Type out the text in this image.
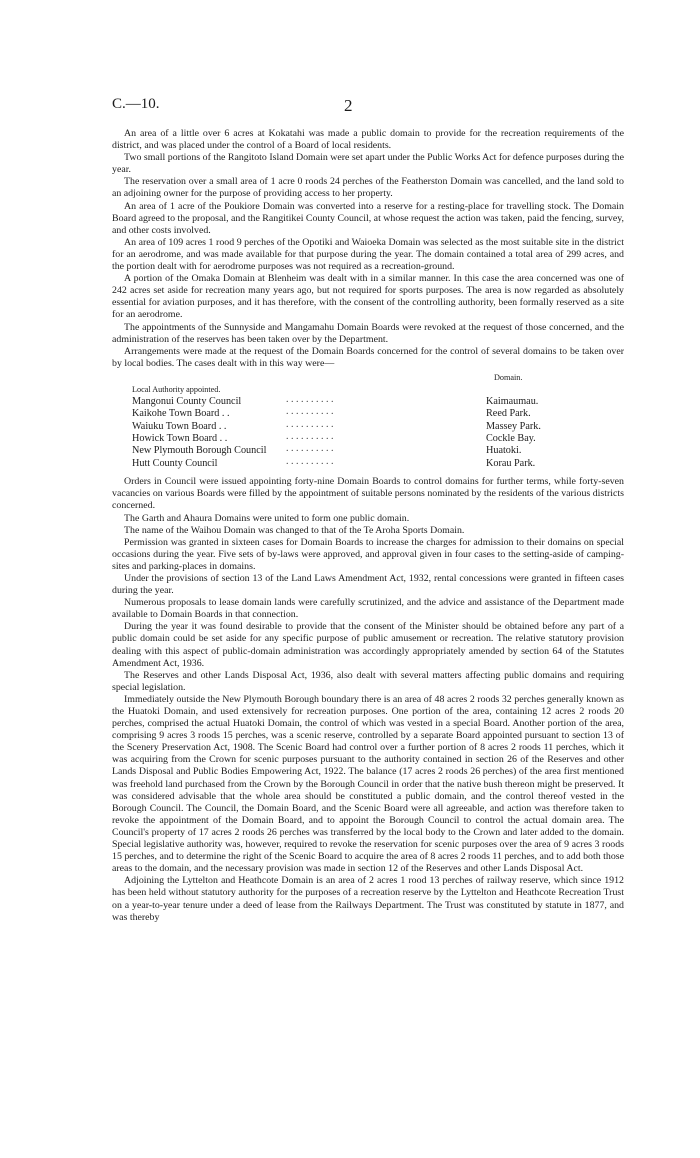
C.—10.	2

An area of a little over 6 acres at Kokatahi was made a public domain to provide for the recreation requirements of the district, and was placed under the control of a Board of local residents.

Two small portions of the Rangitoto Island Domain were set apart under the Public Works Act for defence purposes during the year.

The reservation over a small area of 1 acre 0 roods 24 perches of the Featherston Domain was cancelled, and the land sold to an adjoining owner for the purpose of providing access to her property.

An area of 1 acre of the Poukiore Domain was converted into a reserve for a resting-place for travelling stock. The Domain Board agreed to the proposal, and the Rangitikei County Council, at whose request the action was taken, paid the fencing, survey, and other costs involved.

An area of 109 acres 1 rood 9 perches of the Opotiki and Waioeka Domain was selected as the most suitable site in the district for an aerodrome, and was made available for that purpose during the year. The domain contained a total area of 299 acres, and the portion dealt with for aerodrome purposes was not required as a recreation-ground.

A portion of the Omaka Domain at Blenheim was dealt with in a similar manner. In this case the area concerned was one of 242 acres set aside for recreation many years ago, but not required for sports purposes. The area is now regarded as absolutely essential for aviation purposes, and it has therefore, with the consent of the controlling authority, been formally reserved as a site for an aerodrome.

The appointments of the Sunnyside and Mangamahu Domain Boards were revoked at the request of those concerned, and the administration of the reserves has been taken over by the Department.

Arrangements were made at the request of the Domain Boards concerned for the control of several domains to be taken over by local bodies. The cases dealt with in this way were—

Local Authority appointed.
Domain.
Mangonui County Council	. . . . . . . . . .	Kaimaumau.
Kaikohe Town Board . .	. . . . . . . . . .	Reed Park.
Waiuku Town Board . .	. . . . . . . . . .	Massey Park.
Howick Town Board . .	. . . . . . . . . .	Cockle Bay.
New Plymouth Borough Council . . . . . . . . . .	Huatoki.
Hutt County Council	. . . . . . . . . .	Korau Park.

Orders in Council were issued appointing forty-nine Domain Boards to control domains for further terms, while forty-seven vacancies on various Boards were filled by the appointment of suitable persons nominated by the residents of the various districts concerned.

The Garth and Ahaura Domains were united to form one public domain.

The name of the Waihou Domain was changed to that of the Te Aroha Sports Domain.

Permission was granted in sixteen cases for Domain Boards to increase the charges for admission to their domains on special occasions during the year. Five sets of by-laws were approved, and approval given in four cases to the setting-aside of camping-sites and parking-places in domains.

Under the provisions of section 13 of the Land Laws Amendment Act, 1932, rental concessions were granted in fifteen cases during the year.

Numerous proposals to lease domain lands were carefully scrutinized, and the advice and assistance of the Department made available to Domain Boards in that connection.

During the year it was found desirable to provide that the consent of the Minister should be obtained before any part of a public domain could be set aside for any specific purpose of public amusement or recreation. The relative statutory provision dealing with this aspect of public-domain administration was accordingly appropriately amended by section 64 of the Statutes Amendment Act, 1936.

The Reserves and other Lands Disposal Act, 1936, also dealt with several matters affecting public domains and requiring special legislation.

Immediately outside the New Plymouth Borough boundary there is an area of 48 acres 2 roods 32 perches generally known as the Huatoki Domain, and used extensively for recreation purposes. One portion of the area, containing 12 acres 2 roods 20 perches, comprised the actual Huatoki Domain, the control of which was vested in a special Board. Another portion of the area, comprising 9 acres 3 roods 15 perches, was a scenic reserve, controlled by a separate Board appointed pursuant to section 13 of the Scenery Preservation Act, 1908. The Scenic Board had control over a further portion of 8 acres 2 roods 11 perches, which it was acquiring from the Crown for scenic purposes pursuant to the authority contained in section 26 of the Reserves and other Lands Disposal and Public Bodies Empowering Act, 1922. The balance (17 acres 2 roods 26 perches) of the area first mentioned was freehold land purchased from the Crown by the Borough Council in order that the native bush thereon might be preserved. It was considered advisable that the whole area should be constituted a public domain, and the control thereof vested in the Borough Council. The Council, the Domain Board, and the Scenic Board were all agreeable, and action was therefore taken to revoke the appointment of the Domain Board, and to appoint the Borough Council to control the actual domain area. The Council's property of 17 acres 2 roods 26 perches was transferred by the local body to the Crown and later added to the domain. Special legislative authority was, however, required to revoke the reservation for scenic purposes over the area of 9 acres 3 roods 15 perches, and to determine the right of the Scenic Board to acquire the area of 8 acres 2 roods 11 perches, and to add both those areas to the domain, and the necessary provision was made in section 12 of the Reserves and other Lands Disposal Act.

Adjoining the Lyttelton and Heathcote Domain is an area of 2 acres 1 rood 13 perches of railway reserve, which since 1912 has been held without statutory authority for the purposes of a recreation reserve by the Lyttelton and Heathcote Recreation Trust on a year-to-year tenure under a deed of lease from the Railways Department. The Trust was constituted by statute in 1877, and was thereby
